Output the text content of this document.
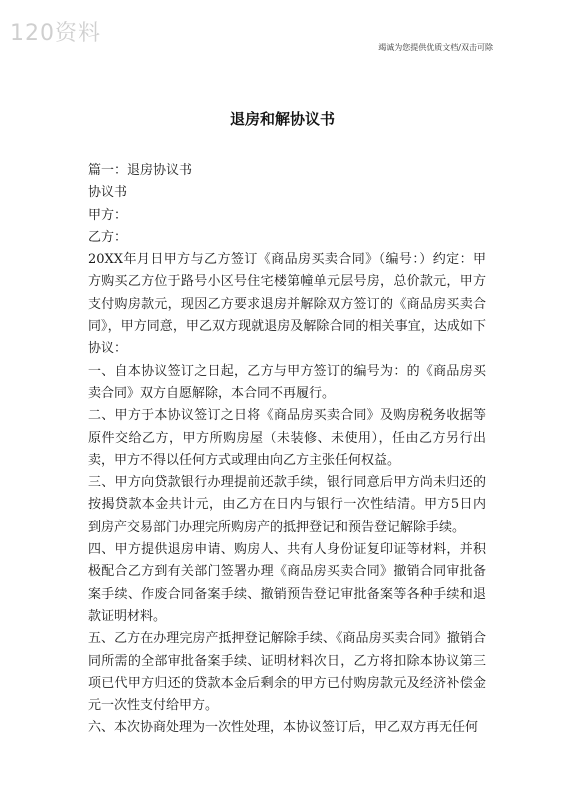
120资料
竭诚为您提供优质文档/双击可除
退房和解协议书

篇一：退房协议书

协议书

甲方：

乙方：

20XX年月日甲方与乙方签订《商品房买卖合同》（编号：）约定：甲方购买乙方位于路号小区号住宅楼第幢单元层号房，总价款元，甲方支付购房款元，现因乙方要求退房并解除双方签订的《商品房买卖合同》，甲方同意，甲乙双方现就退房及解除合同的相关事宜，达成如下协议：

一、自本协议签订之日起，乙方与甲方签订的编号为：的《商品房买卖合同》双方自愿解除，本合同不再履行。

二、甲方于本协议签订之日将《商品房买卖合同》及购房税务收据等原件交给乙方，甲方所购房屋（未装修、未使用），任由乙方另行出卖，甲方不得以任何方式或理由向乙方主张任何权益。

三、甲方向贷款银行办理提前还款手续，银行同意后甲方尚未归还的按揭贷款本金共计元，由乙方在日内与银行一次性结清。甲方5日内到房产交易部门办理完所购房产的抵押登记和预告登记解除手续。

四、甲方提供退房申请、购房人、共有人身份证复印证等材料，并积极配合乙方到有关部门签署办理《商品房买卖合同》撤销合同审批备案手续、作废合同备案手续、撤销预告登记审批备案等各种手续和退款证明材料。

五、乙方在办理完房产抵押登记解除手续、《商品房买卖合同》撤销合同所需的全部审批备案手续、证明材料次日，乙方将扣除本协议第三项已代甲方归还的贷款本金后剩余的甲方已付购房款元及经济补偿金元一次性支付给甲方。

六、本次协商处理为一次性处理，本协议签订后，甲乙双方再无任何
